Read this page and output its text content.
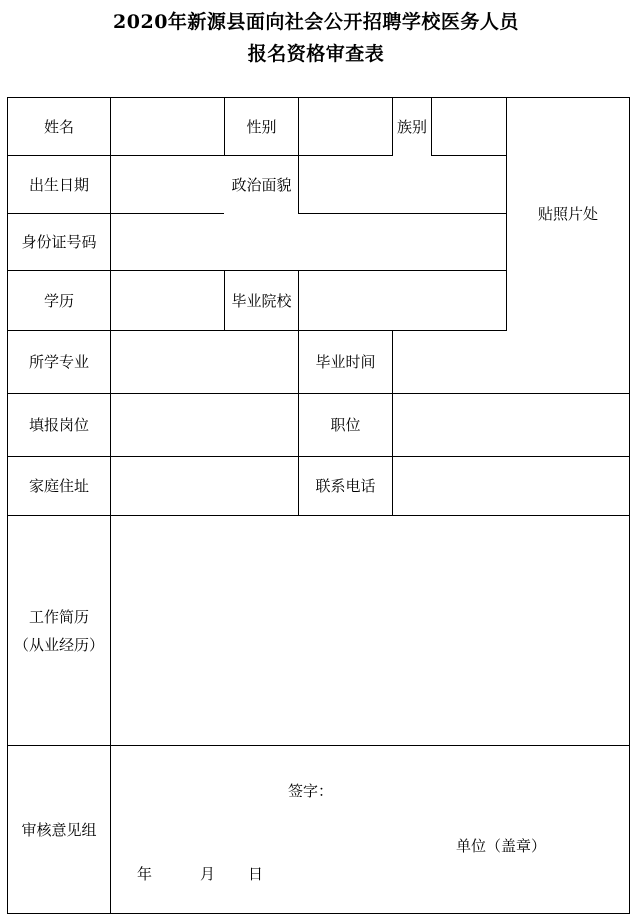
2020年新源县面向社会公开招聘学校医务人员
报名资格审查表
姓名	性别	族别
贴照片处
出生日期	政治面貌
身份证号码
学历	毕业院校
所学专业	毕业时间
填报岗位	职位
家庭住址	联系电话
工作简历
（从业经历）
审核意见组
签字：
单位（盖章）
年	月 日
